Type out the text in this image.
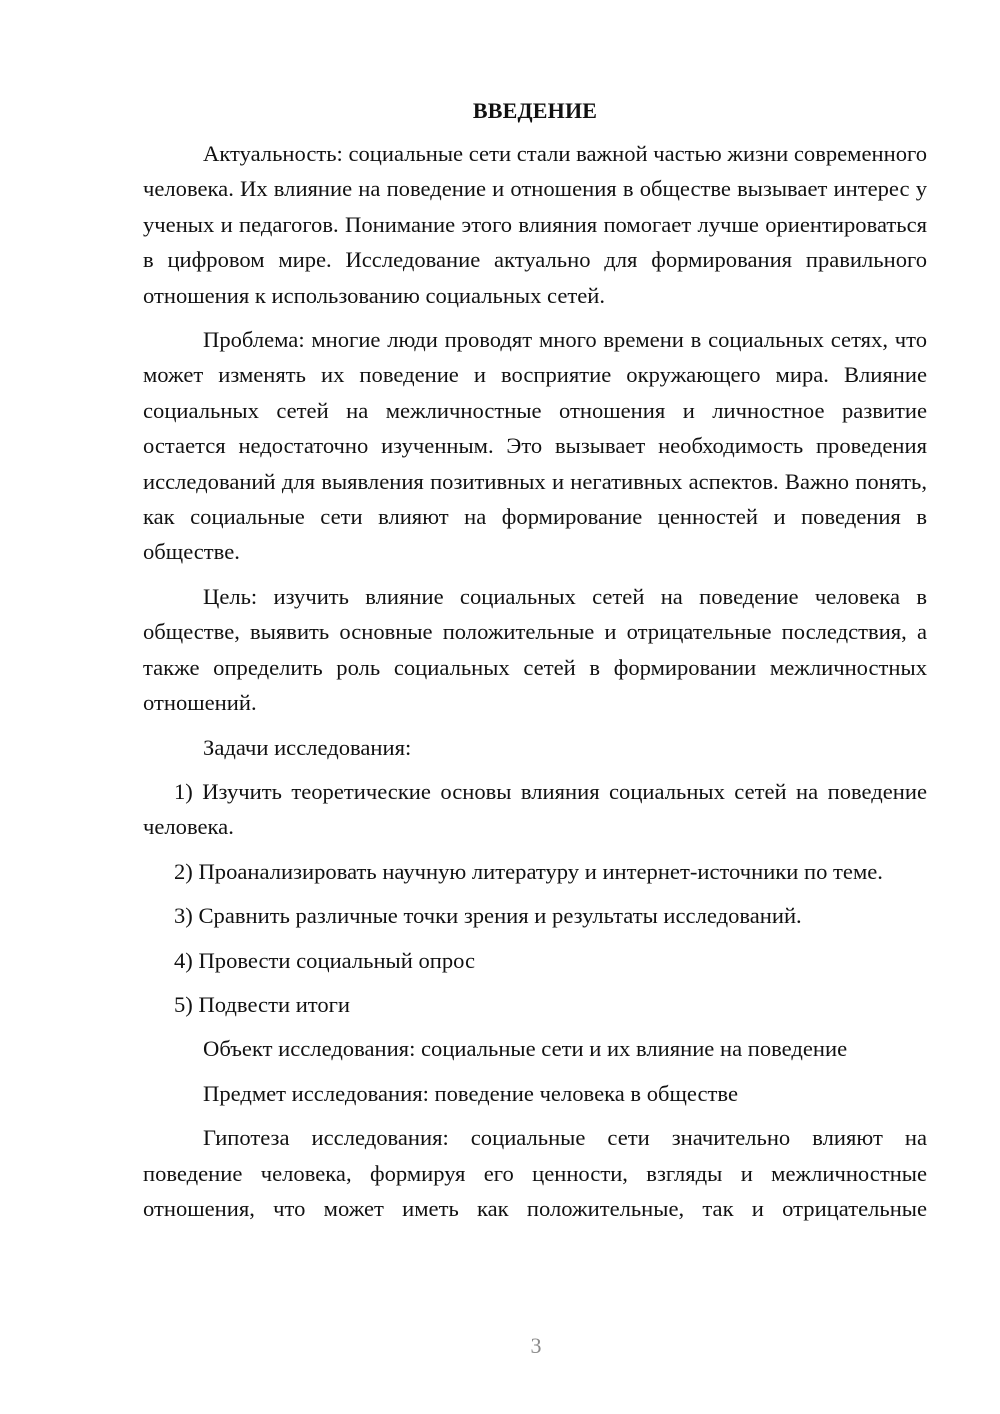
ВВЕДЕНИЕ

Актуальность: социальные сети стали важной частью жизни современного человека. Их влияние на поведение и отношения в обществе вызывает интерес у ученых и педагогов. Понимание этого влияния помогает лучше ориентироваться в цифровом мире. Исследование актуально для формирования правильного отношения к использованию социальных сетей.

Проблема: многие люди проводят много времени в социальных сетях, что может изменять их поведение и восприятие окружающего мира. Влияние социальных сетей на межличностные отношения и личностное развитие остается недостаточно изученным. Это вызывает необходимость проведения исследований для выявления позитивных и негативных аспектов. Важно понять, как социальные сети влияют на формирование ценностей и поведения в обществе.

Цель: изучить влияние социальных сетей на поведение человека в обществе, выявить основные положительные и отрицательные последствия, а также определить роль социальных сетей в формировании межличностных отношений.

Задачи исследования:

1) Изучить теоретические основы влияния социальных сетей на поведение человека.

2) Проанализировать научную литературу и интернет-источники по теме.

3) Сравнить различные точки зрения и результаты исследований.

4) Провести социальный опрос

5) Подвести итоги

Объект исследования: социальные сети и их влияние на поведение

Предмет исследования: поведение человека в обществе

Гипотеза исследования: социальные сети значительно влияют на поведение человека, формируя его ценности, взгляды и межличностные отношения, что может иметь как положительные, так и отрицательные

3
